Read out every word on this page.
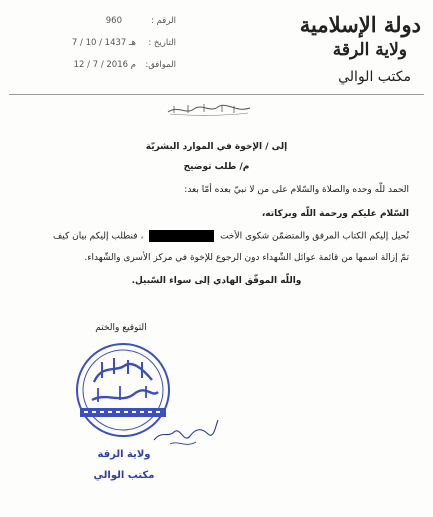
دولة الإسلامية
ولاية الرقة
مكتب الوالي
الرقم :
960
التاريخ :
7 / 10 / 1437 هـ
الموافق:
12 / 7 / 2016 م
إلى / الإخوة في الموارد البشريّة
م/ طلب توضيح
الحمد للّه وحده والصلاة والسّلام على من لا نبيّ بعده أمّا بعد:
السّلام عليكم ورحمة اللّه وبركاته،
نُحيل إليكم الكتاب المرفق والمتضمّن شكوى الأخت  ، فنطلب إليكم بيان كيف
تمّ إزالة اسمها من قائمة عوائل الشّهداء دون الرجوع للإخوة في مركز الأسرى والشّهداء.
واللّه الموفّق الهادي إلى سواء السّبيل.
التوقيع والختم
ولاية الرقة
مكتب الوالي
